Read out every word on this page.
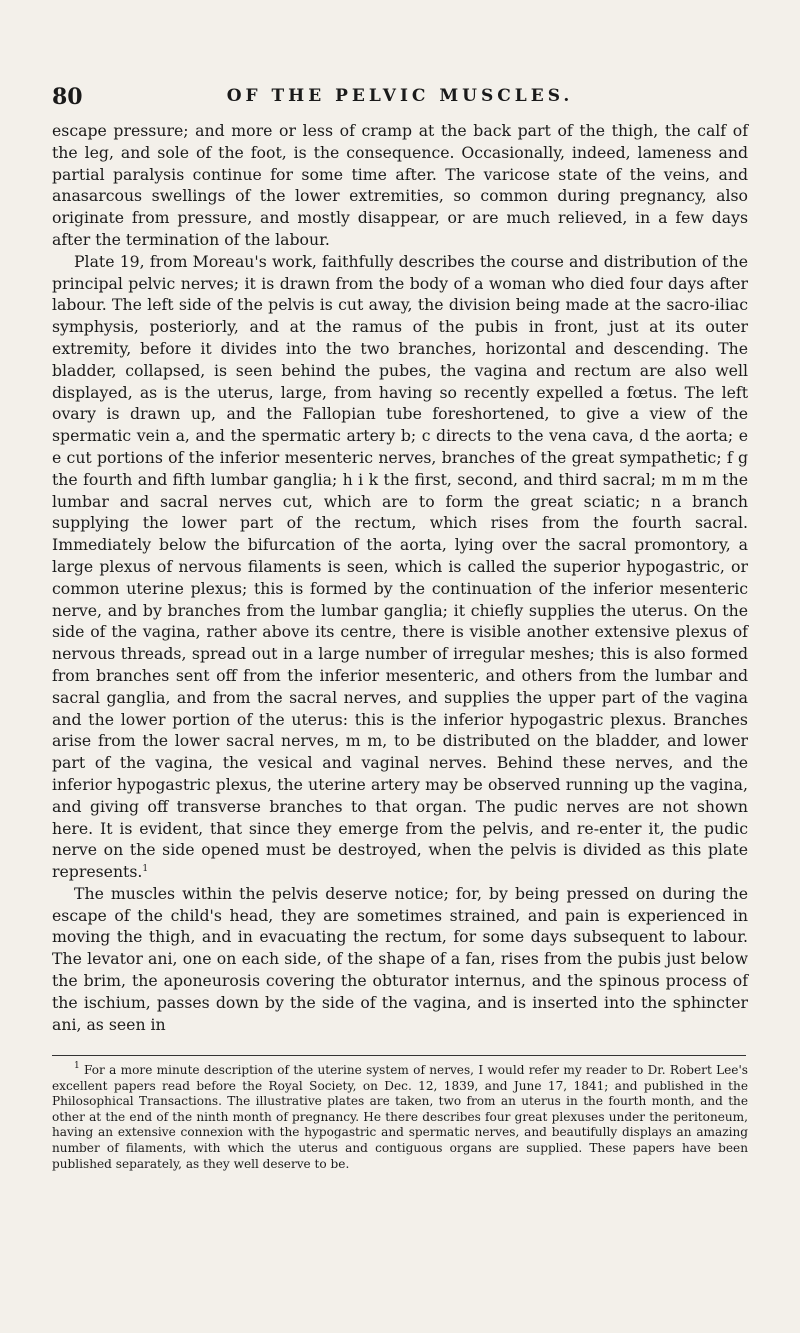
80	OF THE PELVIC MUSCLES.

escape pressure; and more or less of cramp at the back part of the thigh, the calf of the leg, and sole of the foot, is the consequence. Occasionally, indeed, lameness and partial paralysis continue for some time after. The varicose state of the veins, and anasarcous swellings of the lower extremities, so common during pregnancy, also originate from pressure, and mostly disappear, or are much relieved, in a few days after the termination of the labour.

Plate 19, from Moreau's work, faithfully describes the course and distribution of the principal pelvic nerves; it is drawn from the body of a woman who died four days after labour. The left side of the pelvis is cut away, the division being made at the sacro-iliac symphysis, posteriorly, and at the ramus of the pubis in front, just at its outer extremity, before it divides into the two branches, horizontal and descending. The bladder, collapsed, is seen behind the pubes, the vagina and rectum are also well displayed, as is the uterus, large, from having so recently expelled a fœtus. The left ovary is drawn up, and the Fallopian tube foreshortened, to give a view of the spermatic vein a, and the spermatic artery b; c directs to the vena cava, d the aorta; e e cut portions of the inferior mesenteric nerves, branches of the great sympathetic; f g the fourth and fifth lumbar ganglia; h i k the first, second, and third sacral; m m m the lumbar and sacral nerves cut, which are to form the great sciatic; n a branch supplying the lower part of the rectum, which rises from the fourth sacral. Immediately below the bifurcation of the aorta, lying over the sacral promontory, a large plexus of nervous filaments is seen, which is called the superior hypogastric, or common uterine plexus; this is formed by the continuation of the inferior mesenteric nerve, and by branches from the lumbar ganglia; it chiefly supplies the uterus. On the side of the vagina, rather above its centre, there is visible another extensive plexus of nervous threads, spread out in a large number of irregular meshes; this is also formed from branches sent off from the inferior mesenteric, and others from the lumbar and sacral ganglia, and from the sacral nerves, and supplies the upper part of the vagina and the lower portion of the uterus: this is the inferior hypogastric plexus. Branches arise from the lower sacral nerves, m m, to be distributed on the bladder, and lower part of the vagina, the vesical and vaginal nerves. Behind these nerves, and the inferior hypogastric plexus, the uterine artery may be observed running up the vagina, and giving off transverse branches to that organ. The pudic nerves are not shown here. It is evident, that since they emerge from the pelvis, and re-enter it, the pudic nerve on the side opened must be destroyed, when the pelvis is divided as this plate represents.$^1$

The muscles within the pelvis deserve notice; for, by being pressed on during the escape of the child's head, they are sometimes strained, and pain is experienced in moving the thigh, and in evacuating the rectum, for some days subsequent to labour. The levator ani, one on each side, of the shape of a fan, rises from the pubis just below the brim, the aponeurosis covering the obturator internus, and the spinous process of the ischium, passes down by the side of the vagina, and is inserted into the sphincter ani, as seen in

$^1$ For a more minute description of the uterine system of nerves, I would refer my reader to Dr. Robert Lee's excellent papers read before the Royal Society, on Dec. 12, 1839, and June 17, 1841; and published in the Philosophical Transactions. The illustrative plates are taken, two from an uterus in the fourth month, and the other at the end of the ninth month of pregnancy. He there describes four great plexuses under the peritoneum, having an extensive connexion with the hypogastric and spermatic nerves, and beautifully displays an amazing number of filaments, with which the uterus and contiguous organs are supplied. These papers have been published separately, as they well deserve to be.
